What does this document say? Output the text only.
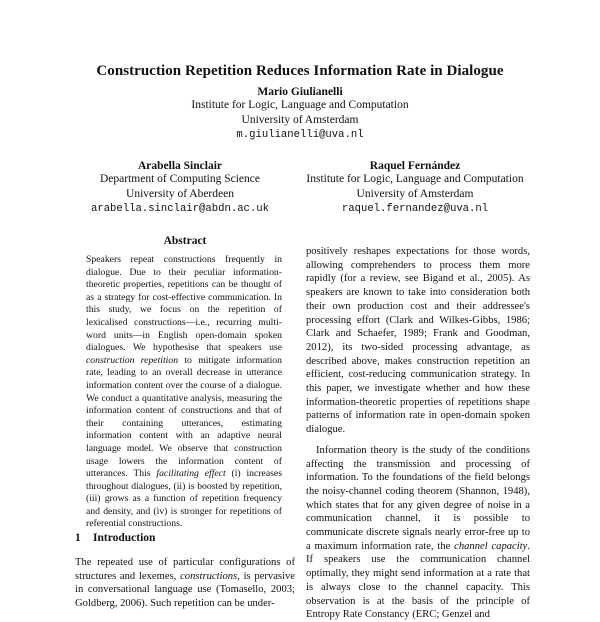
Construction Repetition Reduces Information Rate in Dialogue
Mario Giulianelli
Institute for Logic, Language and Computation
University of Amsterdam
m.giulianelli@uva.nl
Arabella Sinclair
Department of Computing Science
University of Aberdeen
arabella.sinclair@abdn.ac.uk
Raquel Fernández
Institute for Logic, Language and Computation
University of Amsterdam
raquel.fernandez@uva.nl
Abstract

Speakers repeat constructions frequently in dialogue. Due to their peculiar information-theoretic properties, repetitions can be thought of as a strategy for cost-effective communication. In this study, we focus on the repetition of lexicalised constructions—i.e., recurring multi-word units—in English open-domain spoken dialogues. We hypothesise that speakers use construction repetition to mitigate information rate, leading to an overall decrease in utterance information content over the course of a dialogue. We conduct a quantitative analysis, measuring the information content of constructions and that of their containing utterances, estimating information content with an adaptive neural language model. We observe that construction usage lowers the information content of utterances. This facilitating effect (i) increases throughout dialogues, (ii) is boosted by repetition, (iii) grows as a function of repetition frequency and density, and (iv) is stronger for repetitions of referential constructions.

1 Introduction

The repeated use of particular configurations of structures and lexemes, constructions, is pervasive in conversational language use (Tomasello, 2003; Goldberg, 2006). Such repetition can be under-

positively reshapes expectations for those words, allowing comprehenders to process them more rapidly (for a review, see Bigand et al., 2005). As speakers are known to take into consideration both their own production cost and their addressee's processing effort (Clark and Wilkes-Gibbs, 1986; Clark and Schaefer, 1989; Frank and Goodman, 2012), its two-sided processing advantage, as described above, makes construction repetition an efficient, cost-reducing communication strategy. In this paper, we investigate whether and how these information-theoretic properties of repetitions shape patterns of information rate in open-domain spoken dialogue.

Information theory is the study of the conditions affecting the transmission and processing of information. To the foundations of the field belongs the noisy-channel coding theorem (Shannon, 1948), which states that for any given degree of noise in a communication channel, it is possible to communicate discrete signals nearly error-free up to a maximum information rate, the channel capacity. If speakers use the communication channel optimally, they might send information at a rate that is always close to the channel capacity. This observation is at the basis of the principle of Entropy Rate Constancy (ERC; Genzel and
